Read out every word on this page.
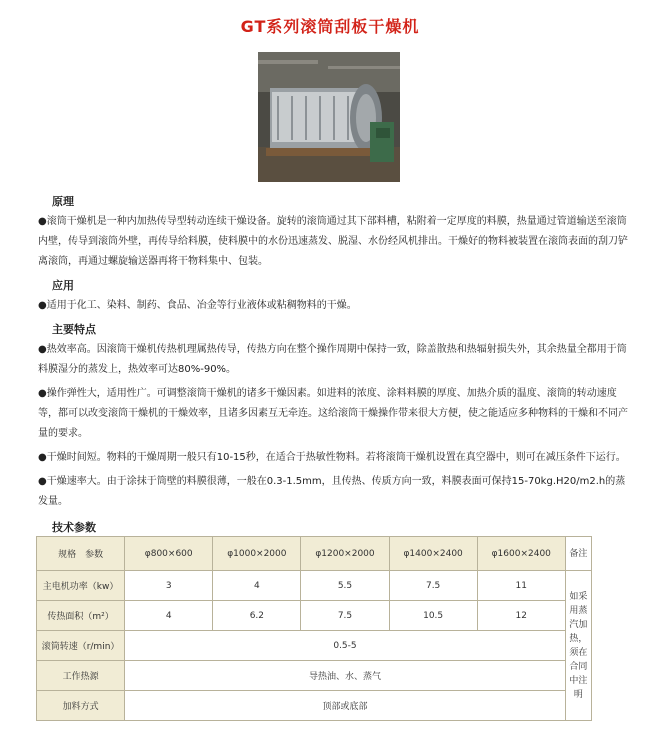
GT系列滚筒刮板干燥机
原理

●滚筒干燥机是一种内加热传导型转动连续干燥设备。旋转的滚筒通过其下部料槽，粘附着一定厚度的料膜，热量通过管道输送至滚筒内壁，传导到滚筒外壁，再传导给料膜，使料膜中的水份迅速蒸发、脱湿、水份经风机排出。干燥好的物料被装置在滚筒表面的刮刀铲离滚筒，再通过螺旋输送器再将干物料集中、包装。

应用

●适用于化工、染料、制药、食品、冶金等行业液体或粘稠物料的干燥。

主要特点

●热效率高。因滚筒干燥机传热机理属热传导，传热方向在整个操作周期中保持一致，除盖散热和热辐射损失外，其余热量全都用于筒料膜湿分的蒸发上，热效率可达80%-90%。

●操作弹性大，适用性广。可调整滚筒干燥机的诸多干燥因素。如进料的浓度、涂料料膜的厚度、加热介质的温度、滚筒的转动速度等，都可以改变滚筒干燥机的干燥效率，且诸多因素互无牵连。这给滚筒干燥操作带来很大方便，使之能适应多种物料的干燥和不同产量的要求。

●干燥时间短。物料的干燥周期一般只有10-15秒，在适合于热敏性物料。若将滚筒干燥机设置在真空器中，则可在减压条件下运行。

●干燥速率大。由于涂抹于筒壁的料膜很薄，一般在0.3-1.5mm，且传热、传质方向一致，料膜表面可保持15-70kg.H20/m2.h的蒸发量。

技术参数
规格　参数	φ800×600	φ1000×2000	φ1200×2000	φ1400×2400	φ1600×2400	备注
主电机功率（kw）	3	4	5.5	7.5	11	如采用蒸汽加热，须在合同中注明
传热面积（m²）	4	6.2	7.5	10.5	12	
滚筒转速（r/min）	0.5-5					
工作热源	导热油、水、蒸气					
加料方式	顶部或底部					
